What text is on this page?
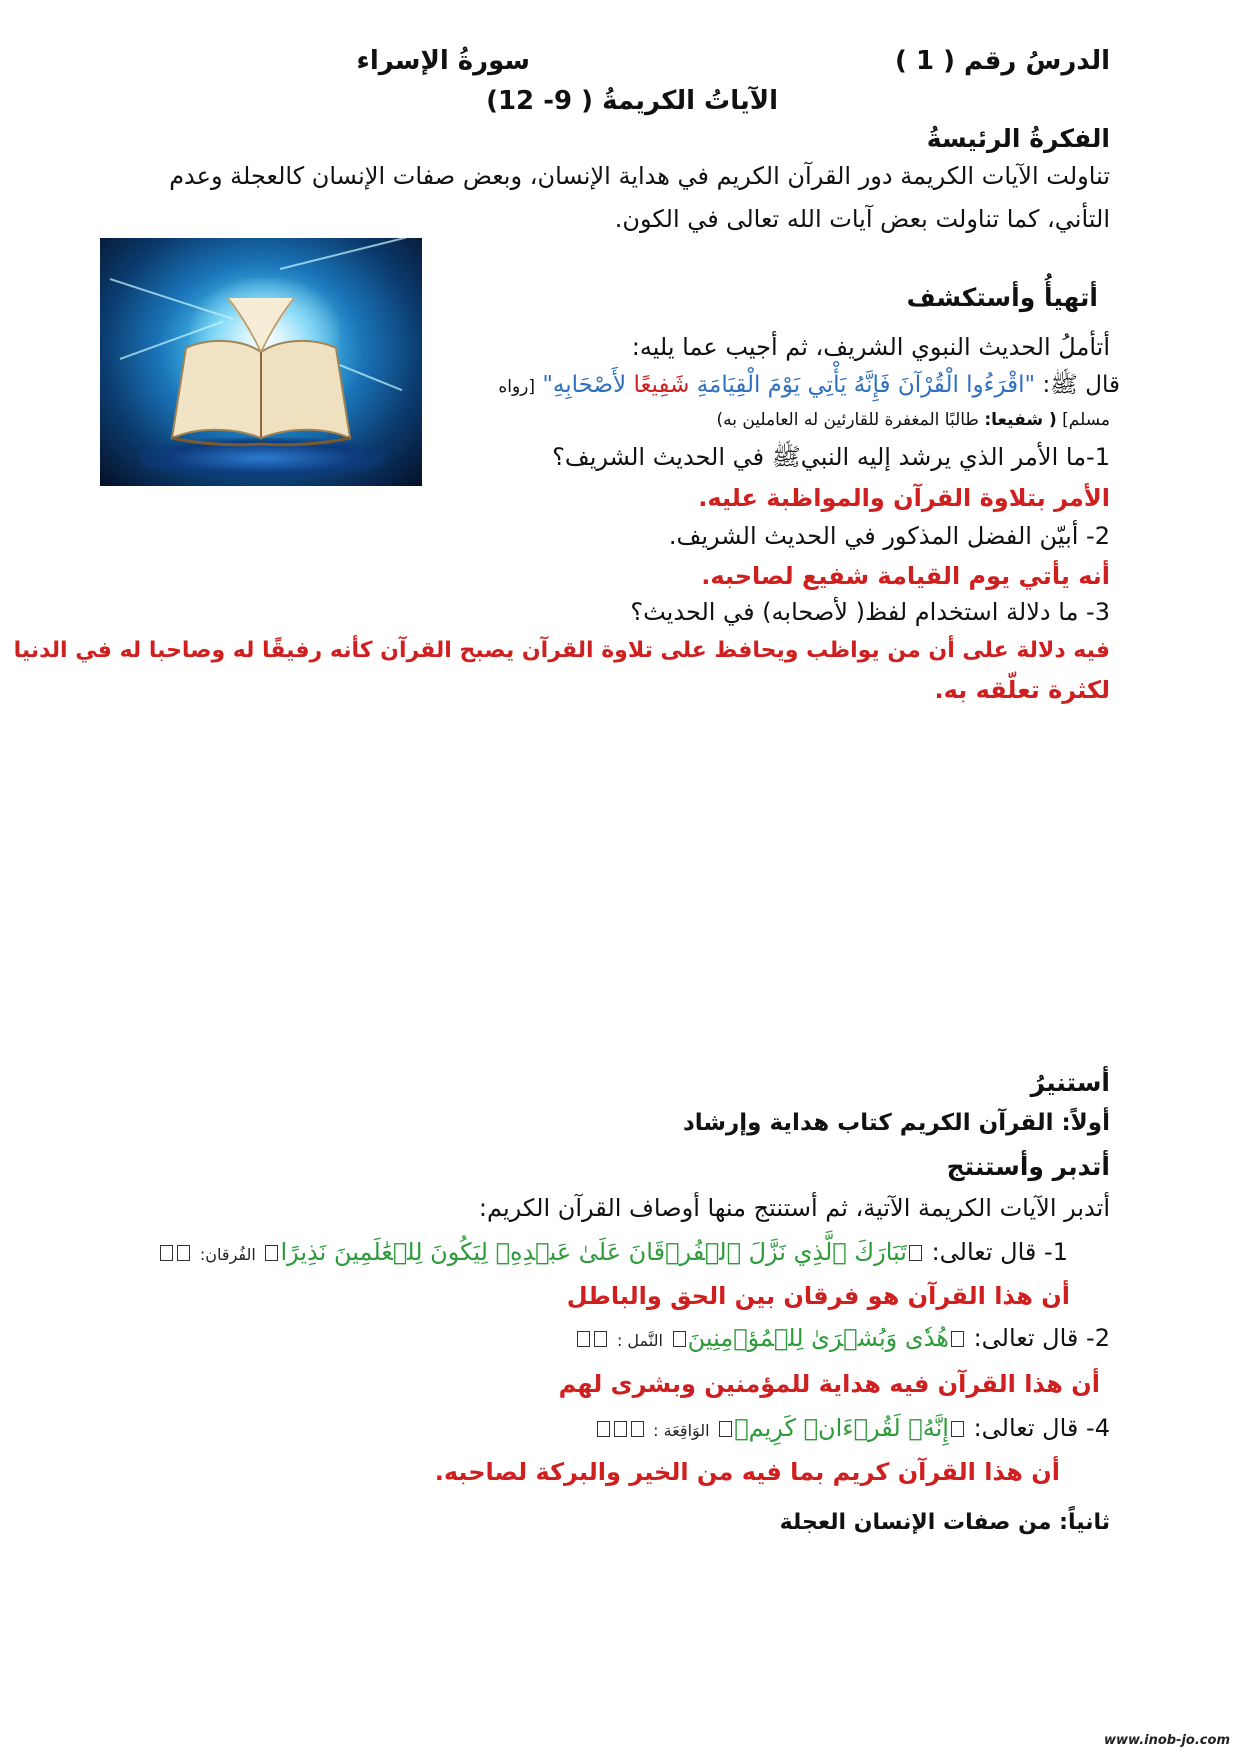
الدرسُ رقم ( 1 )
سورةُ الإسراء
الآياتُ الكريمةُ ( 9- 12)
الفكرةُ الرئيسةُ
تناولت الآيات الكريمة دور القرآن الكريم في هداية الإنسان، وبعض صفات الإنسان كالعجلة وعدم
التأني، كما تناولت بعض آيات الله تعالى في الكون.
أتهيأُ وأستكشف
أتأملُ الحديث النبوي الشريف، ثم أجيب عما يليه:
قال ﷺ: "اقْرَءُوا الْقُرْآنَ فَإِنَّهُ يَأْتِي يَوْمَ الْقِيَامَةِ شَفِيعًا لأَصْحَابِهِ" [رواه
مسلم] ( شفيعا: طالبًا المغفرة للقارئين له العاملين به)
1-ما الأمر الذي يرشد إليه النبيﷺ في الحديث الشريف؟
الأمر بتلاوة القرآن والمواظبة عليه.
2- أبيّن الفضل المذكور في الحديث الشريف.
أنه يأتي يوم القيامة شفيع لصاحبه.
3- ما دلالة استخدام لفظ( لأصحابه) في الحديث؟
فيه دلالة على أن من يواظب ويحافظ على تلاوة القرآن يصبح القرآن كأنه رفيقًا له وصاحبا له في الدنيا
لكثرة تعلّقه به.
أستنيرُ
أولاً: القرآن الكريم كتاب هداية وإرشاد
أتدبر وأستنتج
أتدبر الآيات الكريمة الآتية، ثم أستنتج منها أوصاف القرآن الكريم:
1- قال تعالى: تَبَارَكَ ٱلَّذِي نَزَّلَ ٱلۡفُرۡقَانَ عَلَىٰ عَبۡدِهِۦ لِيَكُونَ لِلۡعَٰلَمِينَ نَذِيرًا الفُرقان:
أن هذا القرآن هو فرقان بين الحق والباطل
2- قال تعالى: هُدٗى وَبُشۡرَىٰ لِلۡمُؤۡمِنِينَ النَّمل :
أن هذا القرآن فيه هداية للمؤمنين وبشرى لهم
4- قال تعالى: إِنَّهُۥ لَقُرۡءَانٞ كَرِيمٞ الوَاقِعَة :
أن هذا القرآن كريم بما فيه من الخير والبركة لصاحبه.
ثانياً: من صفات الإنسان العجلة
www.inob-jo.com
